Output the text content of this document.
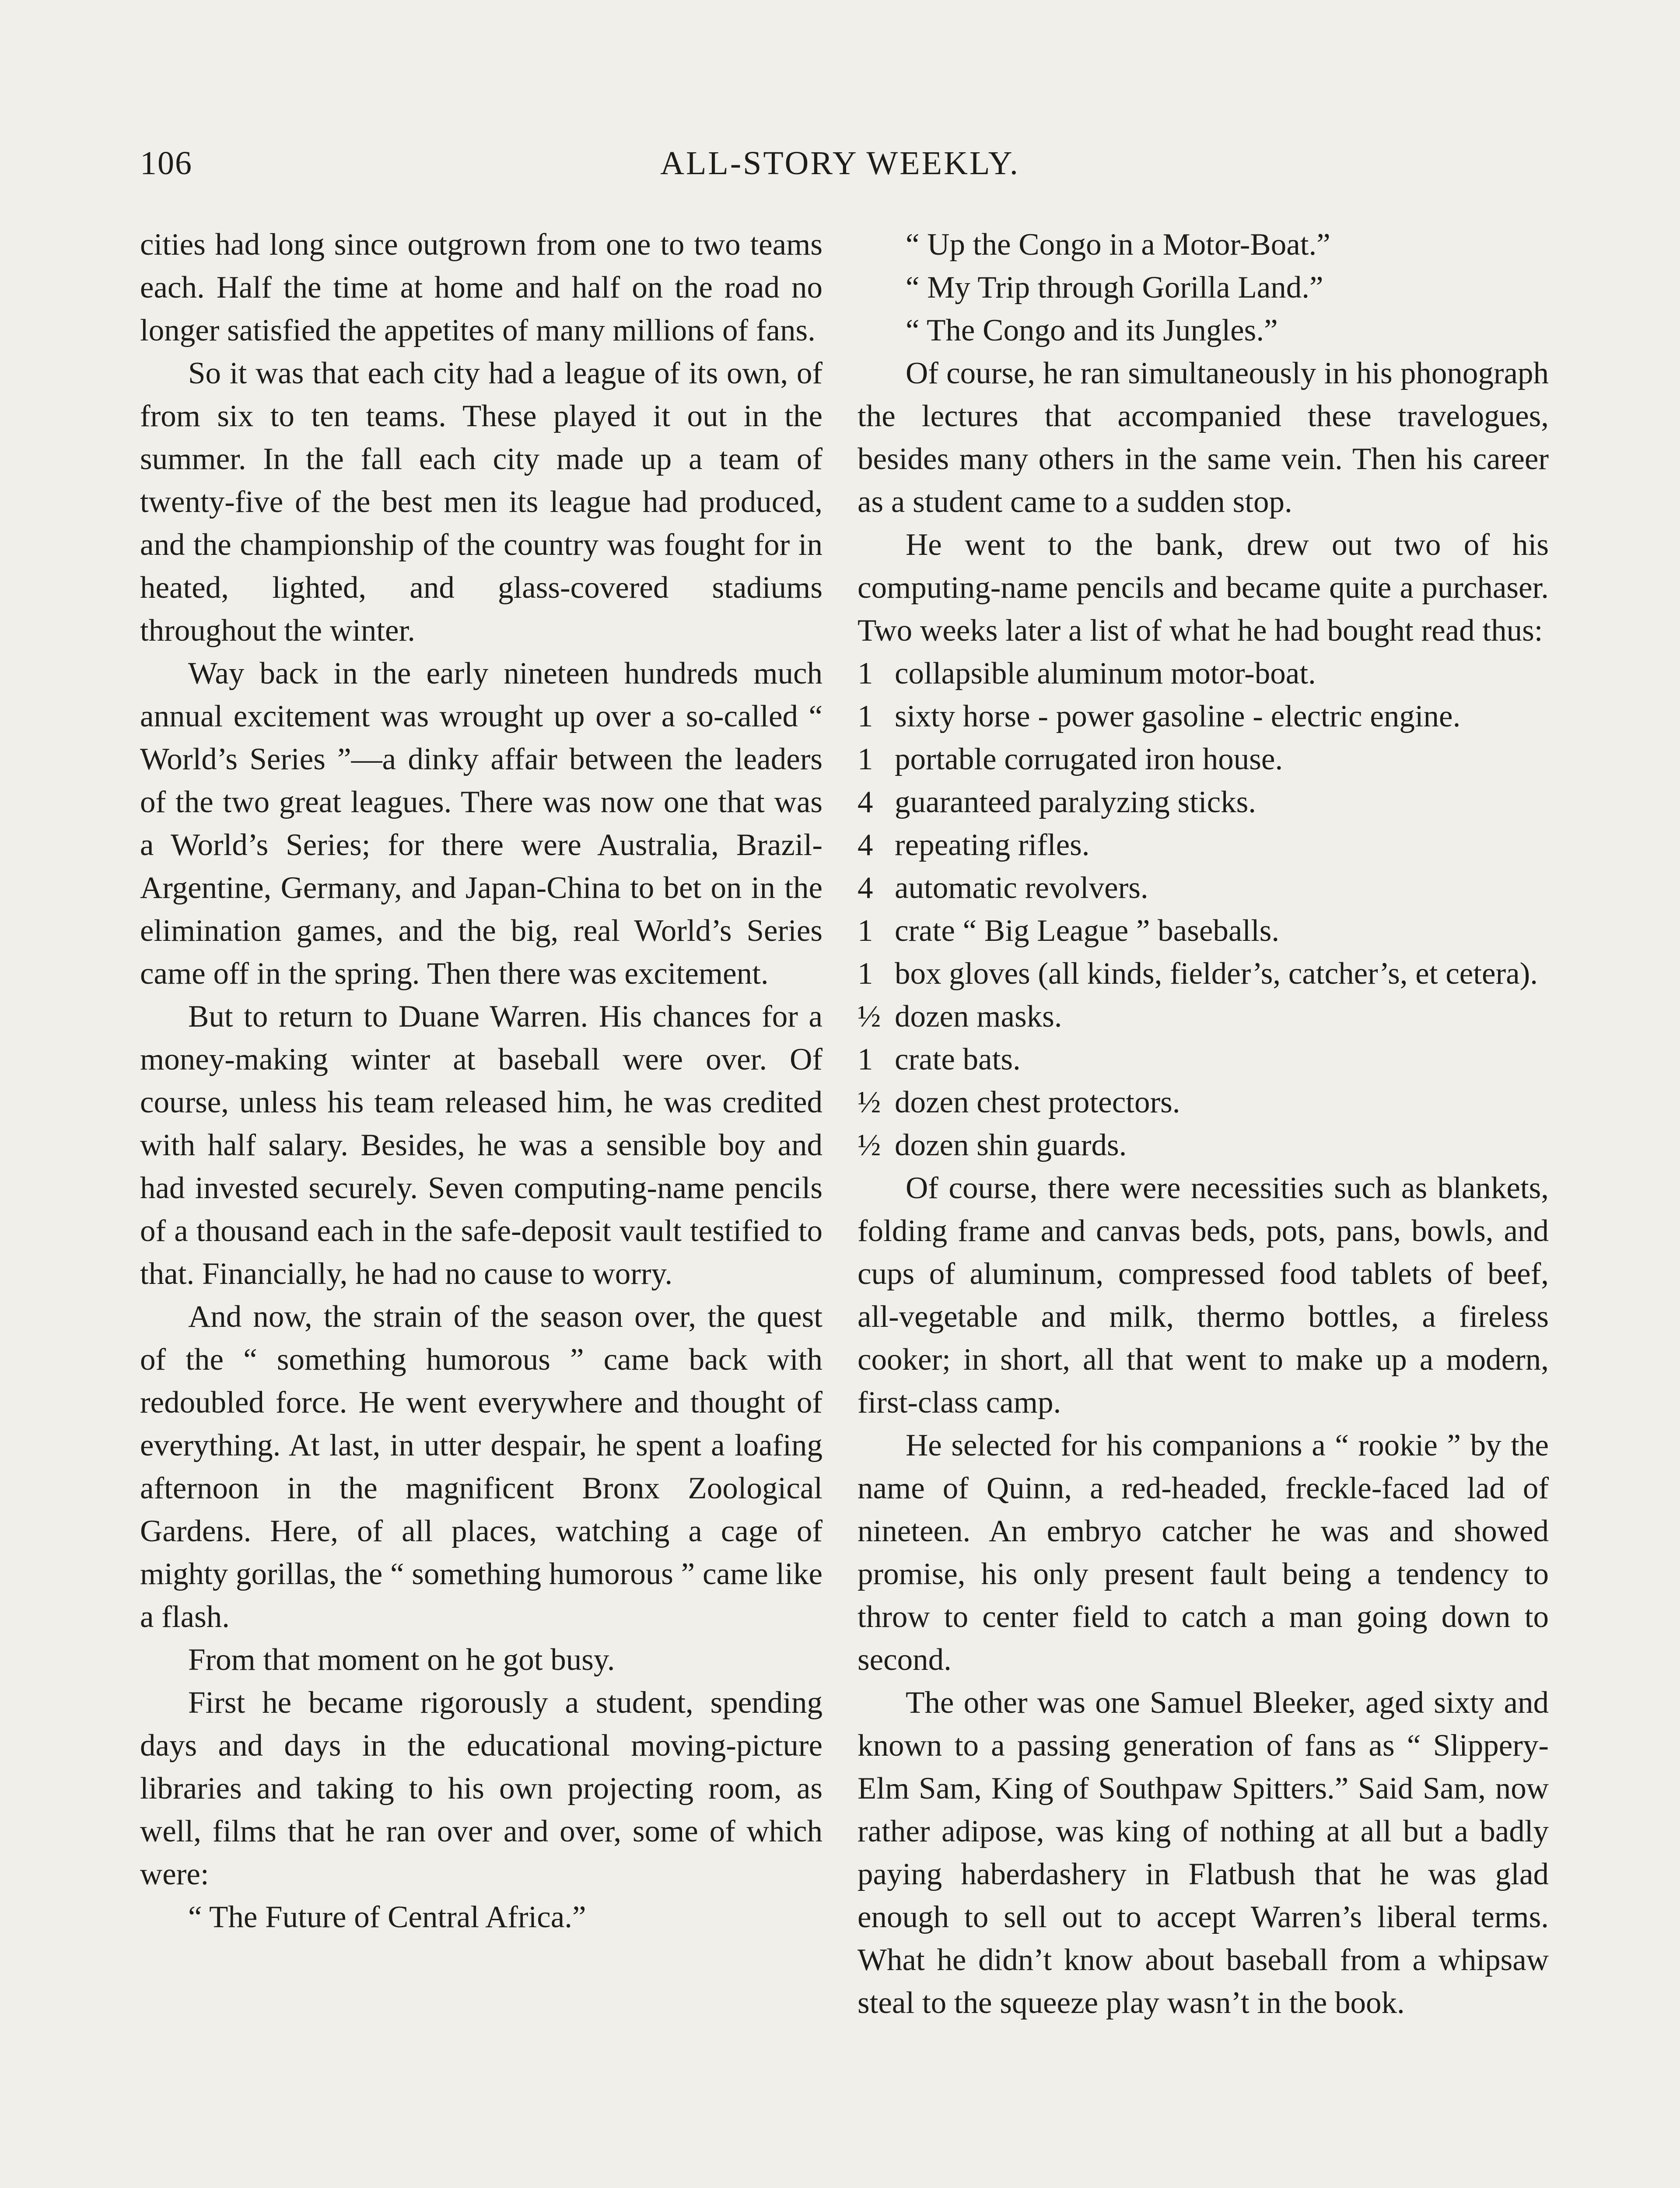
106	ALL-STORY WEEKLY.

cities had long since outgrown from one to two teams each. Half the time at home and half on the road no longer satisfied the appetites of many millions of fans.

So it was that each city had a league of its own, of from six to ten teams. These played it out in the summer. In the fall each city made up a team of twenty-five of the best men its league had produced, and the championship of the country was fought for in heated, lighted, and glass-covered stadiums throughout the winter.

Way back in the early nineteen hundreds much annual excitement was wrought up over a so-called “ World’s Series ”—a dinky affair between the leaders of the two great leagues. There was now one that was a World’s Series; for there were Australia, Brazil-Argentine, Germany, and Japan-China to bet on in the elimination games, and the big, real World’s Series came off in the spring. Then there was excitement.

But to return to Duane Warren. His chances for a money-making winter at baseball were over. Of course, unless his team released him, he was credited with half salary. Besides, he was a sensible boy and had invested securely. Seven computing-name pencils of a thousand each in the safe-deposit vault testified to that. Financially, he had no cause to worry.

And now, the strain of the season over, the quest of the “ something humorous ” came back with redoubled force. He went everywhere and thought of everything. At last, in utter despair, he spent a loafing afternoon in the magnificent Bronx Zoological Gardens. Here, of all places, watching a cage of mighty gorillas, the “ something humorous ” came like a flash.

From that moment on he got busy.

First he became rigorously a student, spending days and days in the educational moving-picture libraries and taking to his own projecting room, as well, films that he ran over and over, some of which were:

“ The Future of Central Africa.”

“ Up the Congo in a Motor-Boat.”
“ My Trip through Gorilla Land.”
“ The Congo and its Jungles.”

Of course, he ran simultaneously in his phonograph the lectures that accompanied these travelogues, besides many others in the same vein. Then his career as a student came to a sudden stop.

He went to the bank, drew out two of his computing-name pencils and became quite a purchaser. Two weeks later a list of what he had bought read thus:

1 collapsible aluminum motor-boat.
1 sixty horse - power gasoline - electric engine.
1 portable corrugated iron house.
4 guaranteed paralyzing sticks.
4 repeating rifles.
4 automatic revolvers.
1 crate “ Big League ” baseballs.
1 box gloves (all kinds, fielder’s, catcher’s, et cetera).
½ dozen masks.
1 crate bats.
½ dozen chest protectors.
½ dozen shin guards.

Of course, there were necessities such as blankets, folding frame and canvas beds, pots, pans, bowls, and cups of aluminum, compressed food tablets of beef, all-vegetable and milk, thermo bottles, a fireless cooker; in short, all that went to make up a modern, first-class camp.

He selected for his companions a “ rookie ” by the name of Quinn, a red-headed, freckle-faced lad of nineteen. An embryo catcher he was and showed promise, his only present fault being a tendency to throw to center field to catch a man going down to second.

The other was one Samuel Bleeker, aged sixty and known to a passing generation of fans as “ Slippery-Elm Sam, King of Southpaw Spitters.” Said Sam, now rather adipose, was king of nothing at all but a badly paying haberdashery in Flatbush that he was glad enough to sell out to accept Warren’s liberal terms. What he didn’t know about baseball from a whipsaw steal to the squeeze play wasn’t in the book.
